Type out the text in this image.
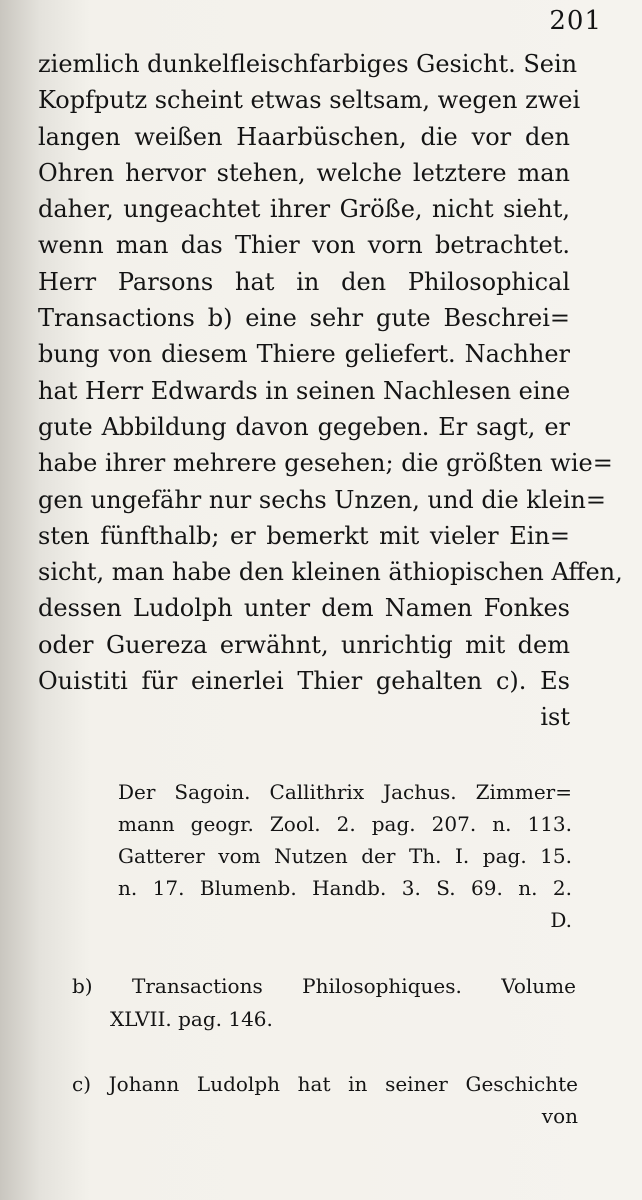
201
ziemlich dunkelfleischfarbiges Gesicht. Sein
Kopfputz scheint etwas seltsam, wegen zwei
langen weißen Haarbüschen, die vor den
Ohren hervor stehen, welche letztere man
daher, ungeachtet ihrer Größe, nicht sieht,
wenn man das Thier von vorn betrachtet.
Herr Parsons hat in den Philosophical
Transactions b) eine sehr gute Beschrei=
bung von diesem Thiere geliefert. Nachher
hat Herr Edwards in seinen Nachlesen eine
gute Abbildung davon gegeben. Er sagt, er
habe ihrer mehrere gesehen; die größten wie=
gen ungefähr nur sechs Unzen, und die klein=
sten fünfthalb; er bemerkt mit vieler Ein=
sicht, man habe den kleinen äthiopischen Affen,
dessen Ludolph unter dem Namen Fonkes
oder Guereza erwähnt, unrichtig mit dem
Ouistiti für einerlei Thier gehalten c). Es
ist
Der Sagoin. Callithrix Jachus. Zimmer=
mann geogr. Zool. 2. pag. 207. n. 113.
Gatterer vom Nutzen der Th. I. pag. 15.
n. 17. Blumenb. Handb. 3. S. 69. n. 2.
D.
b) Transactions Philosophiques. Volume
XLVII. pag. 146.
c) Johann Ludolph hat in seiner Geschichte
von
